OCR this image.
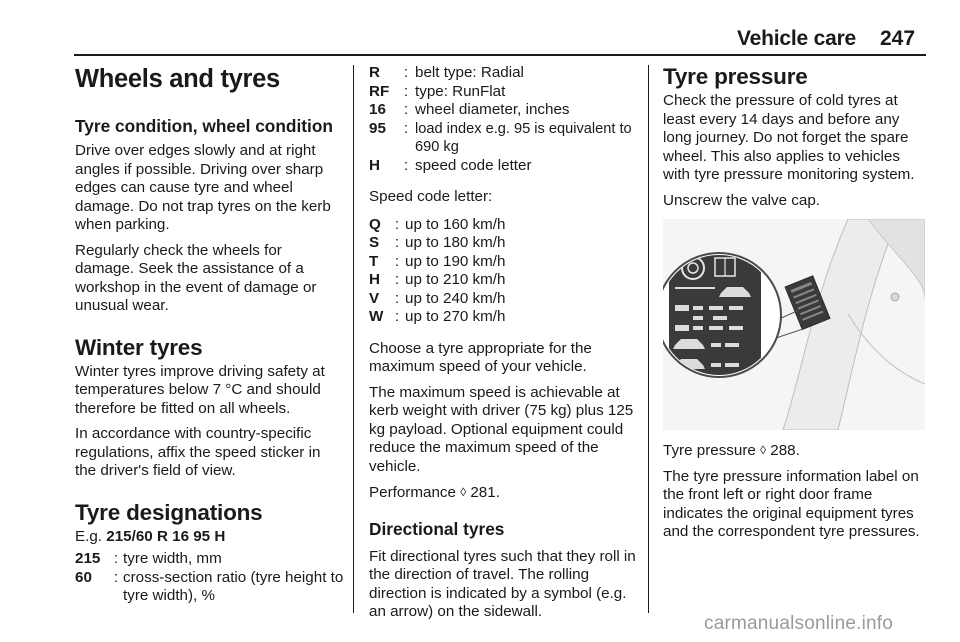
Vehicle care 247
Wheels and tyres
Tyre condition, wheel condition

Drive over edges slowly and at right angles if possible. Driving over sharp edges can cause tyre and wheel damage. Do not trap tyres on the kerb when parking.

Regularly check the wheels for damage. Seek the assistance of a workshop in the event of damage or unusual wear.

Winter tyres

Winter tyres improve driving safety at temperatures below 7 °C and should therefore be fitted on all wheels.

In accordance with country-specific regulations, affix the speed sticker in the driver's field of view.

Tyre designations

E.g. 215/60 R 16 95 H

215 : tyre width, mm
60	: cross-section ratio (tyre height to tyre width), %
R	: belt type: Radial
RF : type: RunFlat
16	: wheel diameter, inches
95	: load index e.g. 95 is equivalent to 690 kg
H	: speed code letter

Speed code letter:

Q : up to 160 km/h
S	: up to 180 km/h
T	: up to 190 km/h
H : up to 210 km/h
V	: up to 240 km/h
W : up to 270 km/h

Choose a tyre appropriate for the maximum speed of your vehicle.

The maximum speed is achievable at kerb weight with driver (75 kg) plus 125 kg payload. Optional equipment could reduce the maximum speed of the vehicle.

Performance ◊ 281.

Directional tyres

Fit directional tyres such that they roll in the direction of travel. The rolling direction is indicated by a symbol (e.g. an arrow) on the sidewall.

Tyre pressure

Check the pressure of cold tyres at least every 14 days and before any long journey. Do not forget the spare wheel. This also applies to vehicles with tyre pressure monitoring system.

Unscrew the valve cap.

Tyre pressure ◊ 288.

The tyre pressure information label on the front left or right door frame indicates the original equipment tyres and the correspondent tyre pressures.

carmanualsonline.info
